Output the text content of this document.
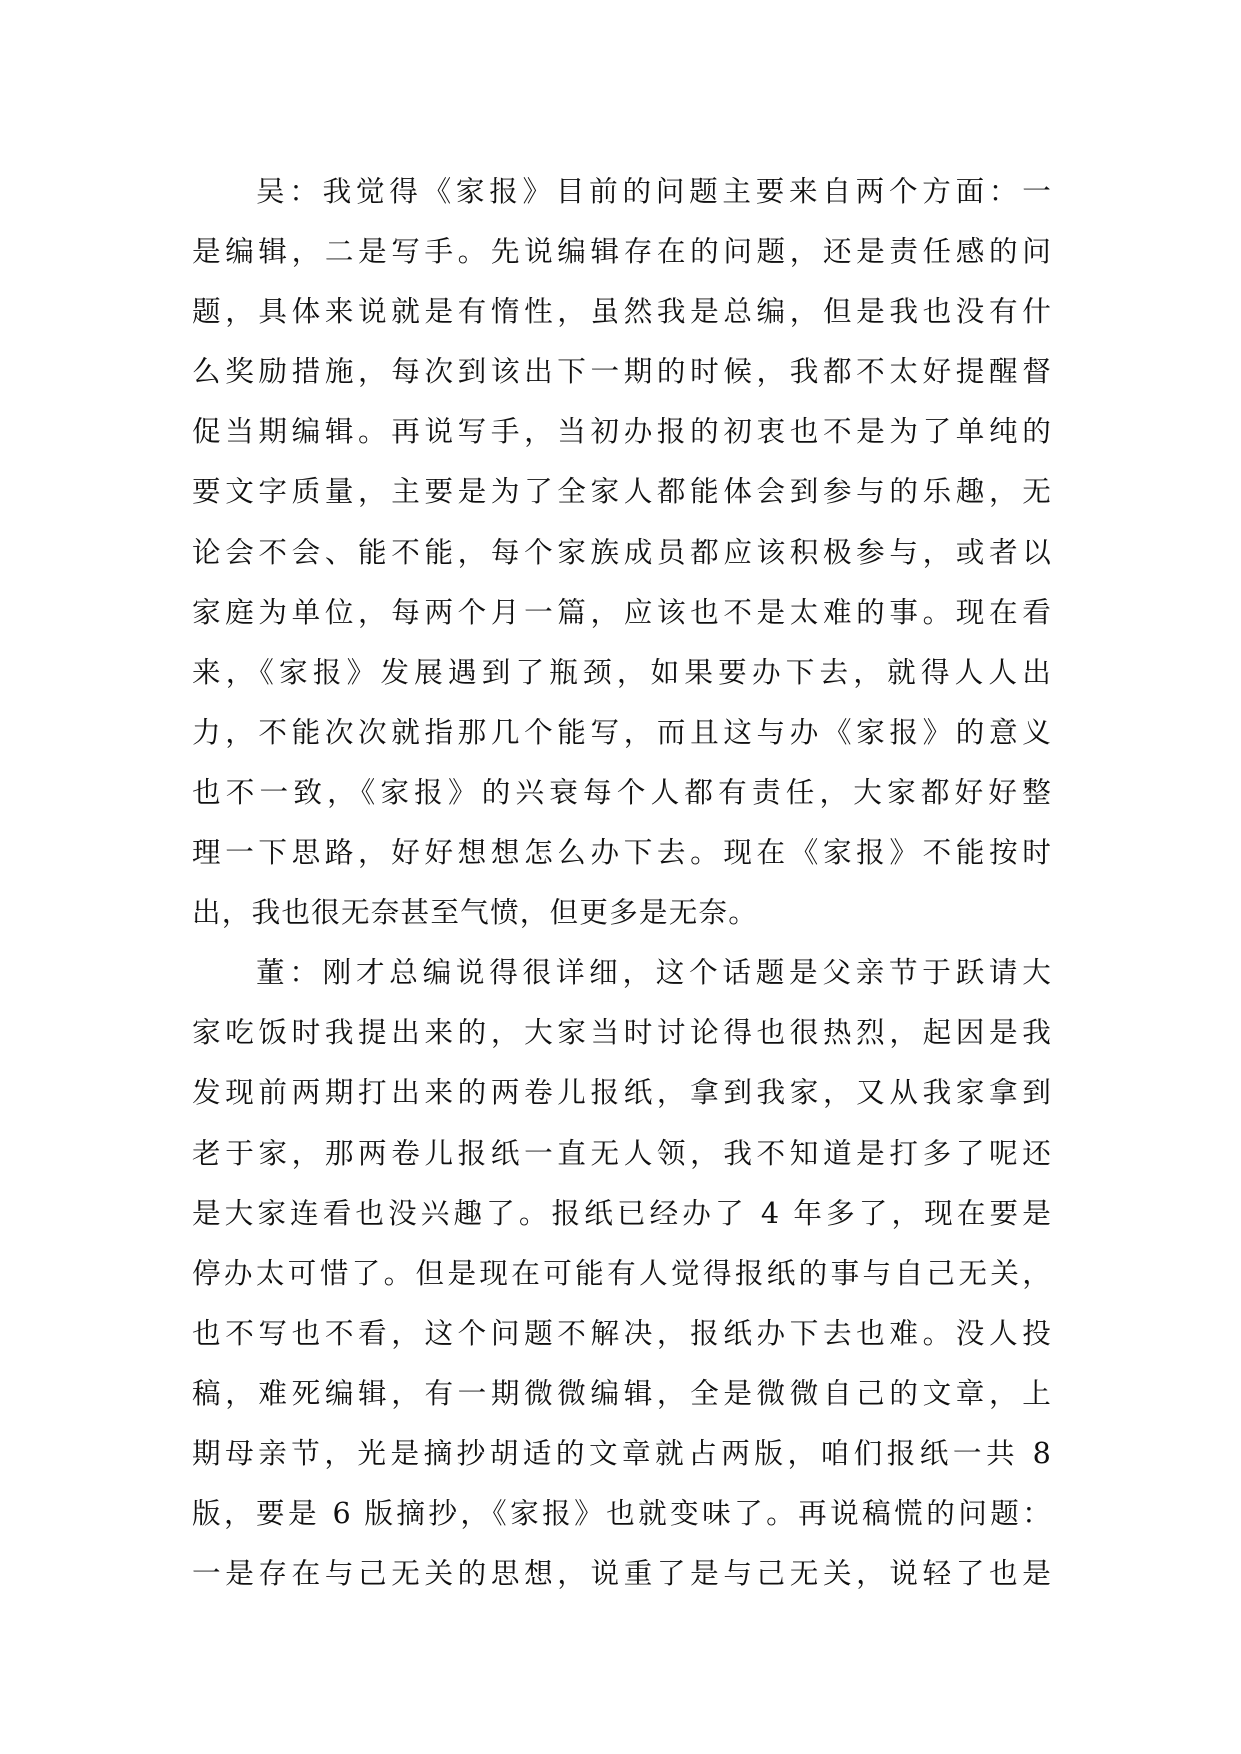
吴：我觉得《家报》目前的问题主要来自两个方面：一
是编辑，二是写手。先说编辑存在的问题，还是责任感的问
题，具体来说就是有惰性，虽然我是总编，但是我也没有什
么奖励措施，每次到该出下一期的时候，我都不太好提醒督
促当期编辑。再说写手，当初办报的初衷也不是为了单纯的
要文字质量，主要是为了全家人都能体会到参与的乐趣，无
论会不会、能不能，每个家族成员都应该积极参与，或者以
家庭为单位，每两个月一篇，应该也不是太难的事。现在看
来，《家报》发展遇到了瓶颈，如果要办下去，就得人人出
力，不能次次就指那几个能写，而且这与办《家报》的意义
也不一致，《家报》的兴衰每个人都有责任，大家都好好整
理一下思路，好好想想怎么办下去。现在《家报》不能按时
出，我也很无奈甚至气愤，但更多是无奈。
董：刚才总编说得很详细，这个话题是父亲节于跃请大
家吃饭时我提出来的，大家当时讨论得也很热烈，起因是我
发现前两期打出来的两卷儿报纸，拿到我家，又从我家拿到
老于家，那两卷儿报纸一直无人领，我不知道是打多了呢还
是大家连看也没兴趣了。报纸已经办了 4 年多了，现在要是
停办太可惜了。但是现在可能有人觉得报纸的事与自己无关，
也不写也不看，这个问题不解决，报纸办下去也难。没人投
稿，难死编辑，有一期微微编辑，全是微微自己的文章，上
期母亲节，光是摘抄胡适的文章就占两版，咱们报纸一共 8
版，要是 6 版摘抄，《家报》也就变味了。再说稿慌的问题：
一是存在与己无关的思想，说重了是与己无关，说轻了也是
